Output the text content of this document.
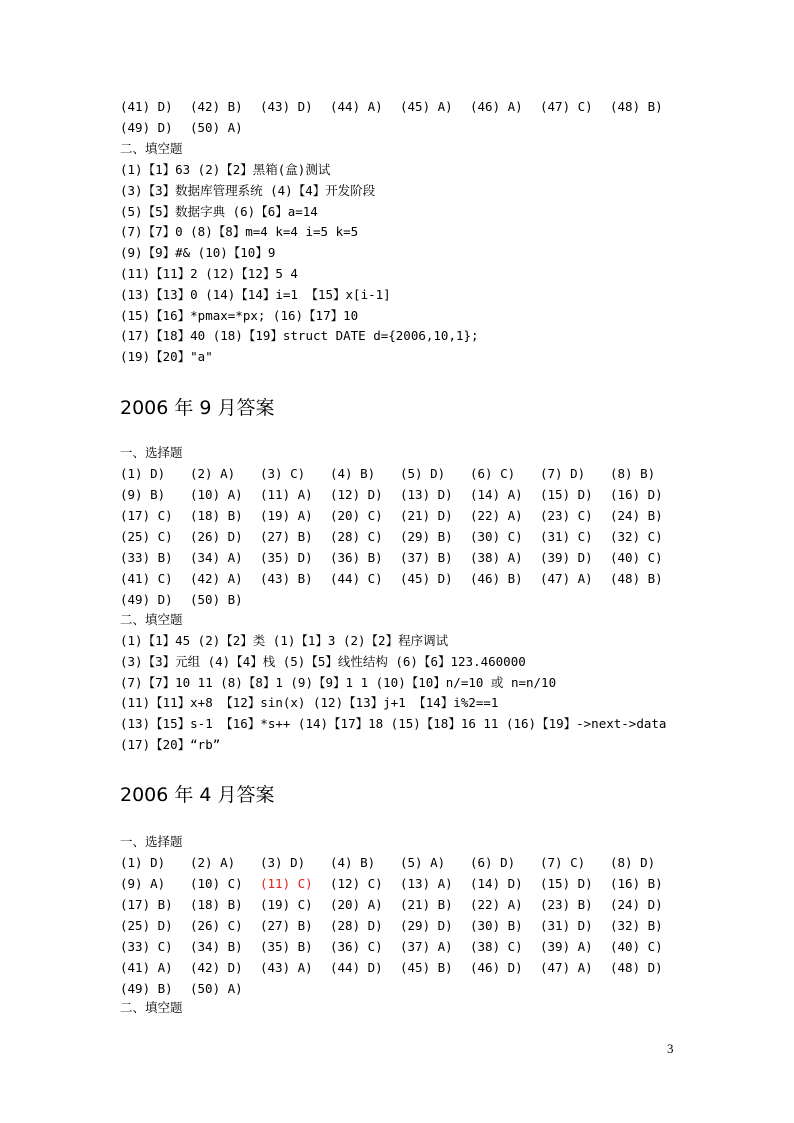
(41) D) (42) B) (43) D) (44) A) (45) A) (46) A) (47) C) (48) B)
(49) D) (50) A)
二、填空题
(1)【1】63 (2)【2】黑箱(盒)测试
(3)【3】数据库管理系统 (4)【4】开发阶段
(5)【5】数据字典 (6)【6】a=14
(7)【7】0 (8)【8】m=4 k=4 i=5 k=5
(9)【9】#& (10)【10】9
(11)【11】2 (12)【12】5 4
(13)【13】0 (14)【14】i=1 【15】x[i-1]
(15)【16】*pmax=*px; (16)【17】10
(17)【18】40 (18)【19】struct DATE d={2006,10,1};
(19)【20】"a"
2006 年 9 月答案
一、选择题
(1) D) (2) A) (3) C) (4) B) (5) D) (6) C) (7) D) (8) B)
(9) B) (10) A) (11) A) (12) D) (13) D) (14) A) (15) D) (16) D)
(17) C) (18) B) (19) A) (20) C) (21) D) (22) A) (23) C) (24) B)
(25) C) (26) D) (27) B) (28) C) (29) B) (30) C) (31) C) (32) C)
(33) B) (34) A) (35) D) (36) B) (37) B) (38) A) (39) D) (40) C)
(41) C) (42) A) (43) B) (44) C) (45) D) (46) B) (47) A) (48) B)
(49) D) (50) B)
二、填空题
(1)【1】45 (2)【2】类 (1)【1】3 (2)【2】程序调试
(3)【3】元组 (4)【4】栈 (5)【5】线性结构 (6)【6】123.460000
(7)【7】10 11 (8)【8】1 (9)【9】1 1 (10)【10】n/=10 或 n=n/10
(11)【11】x+8 【12】sin(x) (12)【13】j+1 【14】i%2==1
(13)【15】s-1 【16】*s++ (14)【17】18 (15)【18】16 11 (16)【19】->next->data
(17)【20】“rb”
2006 年 4 月答案
一、选择题
(1) D) (2) A) (3) D) (4) B) (5) A) (6) D) (7) C) (8) D)
(9) A) (10) C) (11) C) (12) C) (13) A) (14) D) (15) D) (16) B)
(17) B) (18) B) (19) C) (20) A) (21) B) (22) A) (23) B) (24) D)
(25) D) (26) C) (27) B) (28) D) (29) D) (30) B) (31) D) (32) B)
(33) C) (34) B) (35) B) (36) C) (37) A) (38) C) (39) A) (40) C)
(41) A) (42) D) (43) A) (44) D) (45) B) (46) D) (47) A) (48) D)
(49) B) (50) A)
二、填空题
3
